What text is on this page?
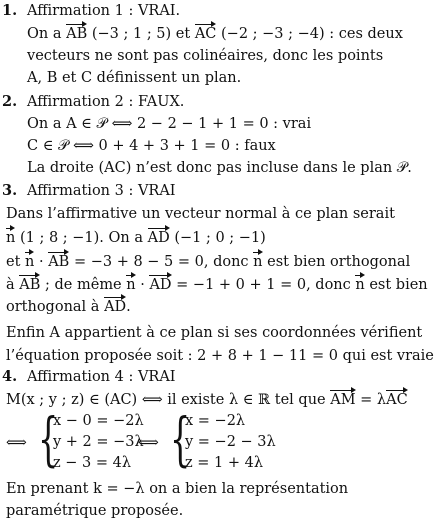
1. Affirmation 1 : VRAI.
On a AB (−3 ; 1 ; 5) et AC (−2 ; −3 ; −4) : ces deux
vecteurs ne sont pas colinéaires, donc les points
A, B et C définissent un plan.
2. Affirmation 2 : FAUX.
On a A ∈ 𝒫 ⟺ 2 − 2 − 1 + 1 = 0 : vrai
C ∈ 𝒫 ⟺ 0 + 4 + 3 + 1 = 0 : faux
La droite (AC) n’est donc pas incluse dans le plan 𝒫.
3. Affirmation 3 : VRAI
Dans l’affirmative un vecteur normal à ce plan serait
n (1 ; 8 ; −1). On a AD (−1 ; 0 ; −1)
et n · AB = −3 + 8 − 5 = 0, donc n est bien orthogonal
à AB ; de même n · AD = −1 + 0 + 1 = 0, donc n est bien
orthogonal à AD.
Enfin A appartient à ce plan si ses coordonnées vérifient
l’équation proposée soit : 2 + 8 + 1 − 11 = 0 qui est vraie
4. Affirmation 4 : VRAI
M(x ; y ; z) ∈ (AC) ⟺ il existe λ ∈ ℝ tel que AM = λAC
⟺ {
x − 0 = −2λ
y + 2 = −3λ
z − 3 = 4λ
⟺ {
x = −2λ
y = −2 − 3λ
z = 1 + 4λ
En prenant k = −λ on a bien la représentation
paramétrique proposée.
